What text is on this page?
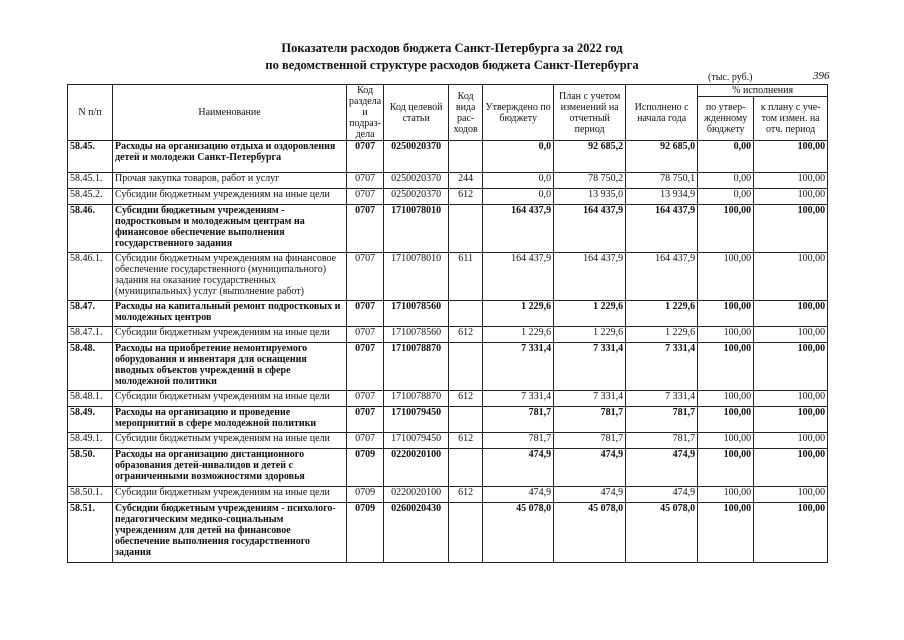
Показатели расходов бюджета Санкт-Петербурга за 2022 год
по ведомственной структуре расходов бюджета Санкт-Петербурга
(тыс. руб.)	396
N п/п	Наименование	Код раздела и подраз-дела	Код целевой статьи	Код вида рас-ходов	Утверждено по бюджету	План с учетом изменений на отчетный период	Исполнено с начала года	% исполнения	
								по утвер-жденному бюджету	к плану с уче-том измен. на отч. период
58.45.	Расходы на организацию отдыха и оздоровления детей и молодежи Санкт-Петербурга	0707	0250020370		0,0	92 685,2	92 685,0	0,00	100,00
58.45.1.	Прочая закупка товаров, работ и услуг	0707	0250020370	244	0,0	78 750,2	78 750,1	0,00	100,00
58.45.2.	Субсидии бюджетным учреждениям на иные цели	0707	0250020370	612	0,0	13 935,0	13 934,9	0,00	100,00
58.46.	Субсидии бюджетным учреждениям - подростковым и молодежным центрам на финансовое обеспечение выполнения государственного задания	0707	1710078010		164 437,9	164 437,9	164 437,9	100,00	100,00
58.46.1.	Субсидии бюджетным учреждениям на финансовое обеспечение государственного (муниципального) задания на оказание государственных (муниципальных) услуг (выполнение работ)	0707	1710078010	611	164 437,9	164 437,9	164 437,9	100,00	100,00
58.47.	Расходы на капитальный ремонт подростковых и молодежных центров	0707	1710078560		1 229,6	1 229,6	1 229,6	100,00	100,00
58.47.1.	Субсидии бюджетным учреждениям на иные цели	0707	1710078560	612	1 229,6	1 229,6	1 229,6	100,00	100,00
58.48.	Расходы на приобретение немонтируемого оборудования и инвентаря для оснащения вводных объектов учреждений в сфере молодежной политики	0707	1710078870		7 331,4	7 331,4	7 331,4	100,00	100,00
58.48.1.	Субсидии бюджетным учреждениям на иные цели	0707	1710078870	612	7 331,4	7 331,4	7 331,4	100,00	100,00
58.49.	Расходы на организацию и проведение мероприятий в сфере молодежной политики	0707	1710079450		781,7	781,7	781,7	100,00	100,00
58.49.1.	Субсидии бюджетным учреждениям на иные цели	0707	1710079450	612	781,7	781,7	781,7	100,00	100,00
58.50.	Расходы на организацию дистанционного образования детей-инвалидов и детей с ограниченными возможностями здоровья	0709	0220020100		474,9	474,9	474,9	100,00	100,00
58.50.1.	Субсидии бюджетным учреждениям на иные цели	0709	0220020100	612	474,9	474,9	474,9	100,00	100,00
58.51.	Субсидии бюджетным учреждениям - психолого-педагогическим медико-социальным учреждениям для детей на финансовое обеспечение выполнения государственного задания	0709	0260020430		45 078,0	45 078,0	45 078,0	100,00	100,00
